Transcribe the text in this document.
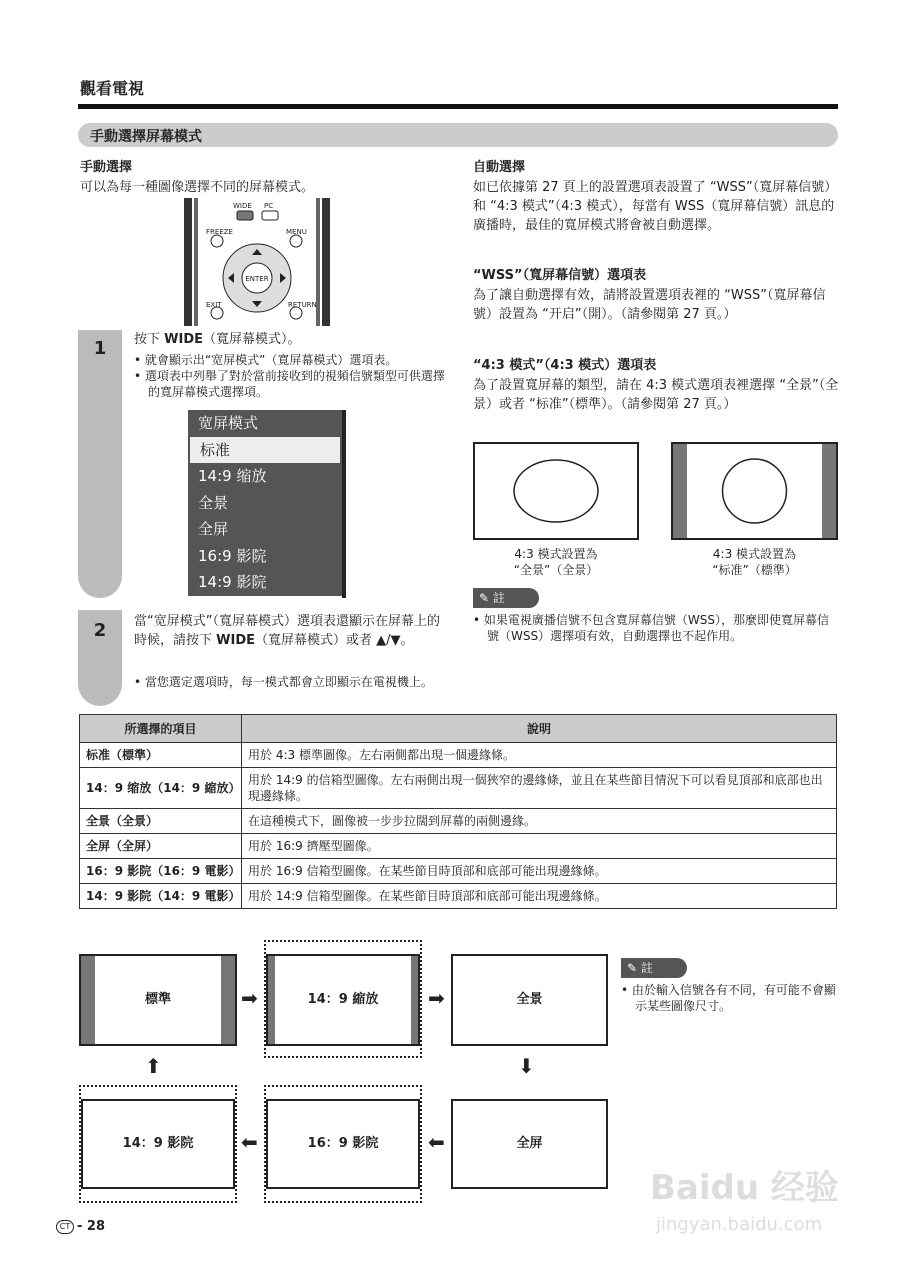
觀看電視
手動選擇屏幕模式
手動選擇
可以為每一種圖像選擇不同的屏幕模式。
WIDE PC
FREEZE	MENU
ENTER
EXIT	RETURN
1	按下 WIDE（寬屏幕模式）。
• 就會顯示出“宽屏模式”（寬屏幕模式）選項表。
• 選項表中列舉了對於當前接收到的視頻信號類型可供選擇的寬屏幕模式選擇項。
宽屏模式
标准
14:9 缩放
全景
全屏
16:9 影院
14:9 影院
2	當“宽屏模式”（寬屏幕模式）選項表還顯示在屏幕上的時候，請按下 WIDE（寬屏幕模式）或者 ▲/▼。
• 當您選定選項時，每一模式都會立即顯示在電視機上。
自動選擇
如已依據第 27 頁上的設置選項表設置了 “WSS”（寬屏幕信號）和 “4:3 模式”（4:3 模式），每當有 WSS（寬屏幕信號）訊息的廣播時，最佳的寬屏模式將會被自動選擇。
“WSS”（寬屏幕信號）選項表
為了讓自動選擇有效，請將設置選項表裡的 “WSS”（寬屏幕信號）設置為 “开启”（開）。（請參閱第 27 頁。）
“4:3 模式”（4:3 模式）選項表
為了設置寬屏幕的類型，請在 4:3 模式選項表裡選擇 “全景”（全景）或者 “标准”（標準）。（請參閱第 27 頁。）
4:3 模式設置為
“全景”（全景）
4:3 模式設置為
“标准”（標準）
✎ 註
• 如果電視廣播信號不包含寬屏幕信號（WSS），那麼即使寬屏幕信號（WSS）選擇項有效，自動選擇也不起作用。
所選擇的項目	說明
标准（標準）	用於 4:3 標準圖像。左右兩側都出現一個邊緣條。
14：9 缩放（14：9 縮放）	用於 14:9 的信箱型圖像。左右兩側出現一個狹窄的邊緣條，並且在某些節目情況下可以看見頂部和底部也出現邊緣條。
全景（全景）	在這種模式下，圖像被一步步拉闊到屏幕的兩側邊緣。
全屏（全屏）	用於 16:9 擠壓型圖像。
16：9 影院（16：9 電影）	用於 16:9 信箱型圖像。在某些節目時頂部和底部可能出現邊緣條。
14：9 影院（14：9 電影）	用於 14:9 信箱型圖像。在某些節目時頂部和底部可能出現邊緣條。
標準	➡	14：9 縮放	➡	全景
⬆	⬇
14：9 影院	⬅	16：9 影院	⬅	全屏
✎ 註
• 由於輸入信號各有不同，有可能不會顯示某些圖像尺寸。
CT - 28
Baidu 经验
jingyan.baidu.com
